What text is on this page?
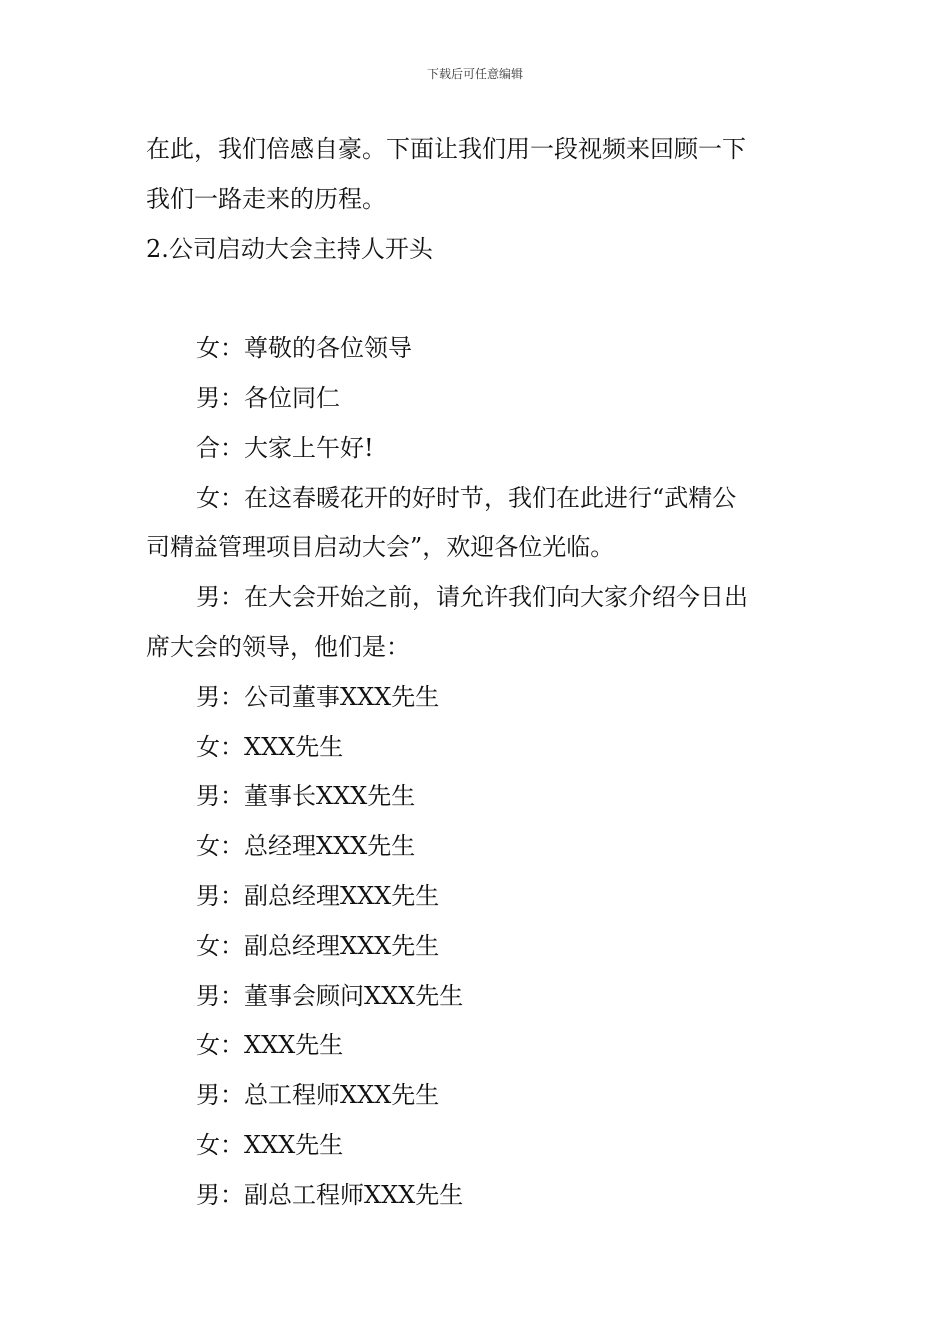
下载后可任意编辑
在此，我们倍感自豪。下面让我们用一段视频来回顾一下
我们一路走来的历程。
2.公司启动大会主持人开头
女：尊敬的各位领导
男：各位同仁
合：大家上午好!
女：在这春暖花开的好时节，我们在此进行“武精公
司精益管理项目启动大会”，欢迎各位光临。
男：在大会开始之前，请允许我们向大家介绍今日出
席大会的领导，他们是：
男：公司董事XXX先生
女：XXX先生
男：董事长XXX先生
女：总经理XXX先生
男：副总经理XXX先生
女：副总经理XXX先生
男：董事会顾问XXX先生
女：XXX先生
男：总工程师XXX先生
女：XXX先生
男：副总工程师XXX先生
